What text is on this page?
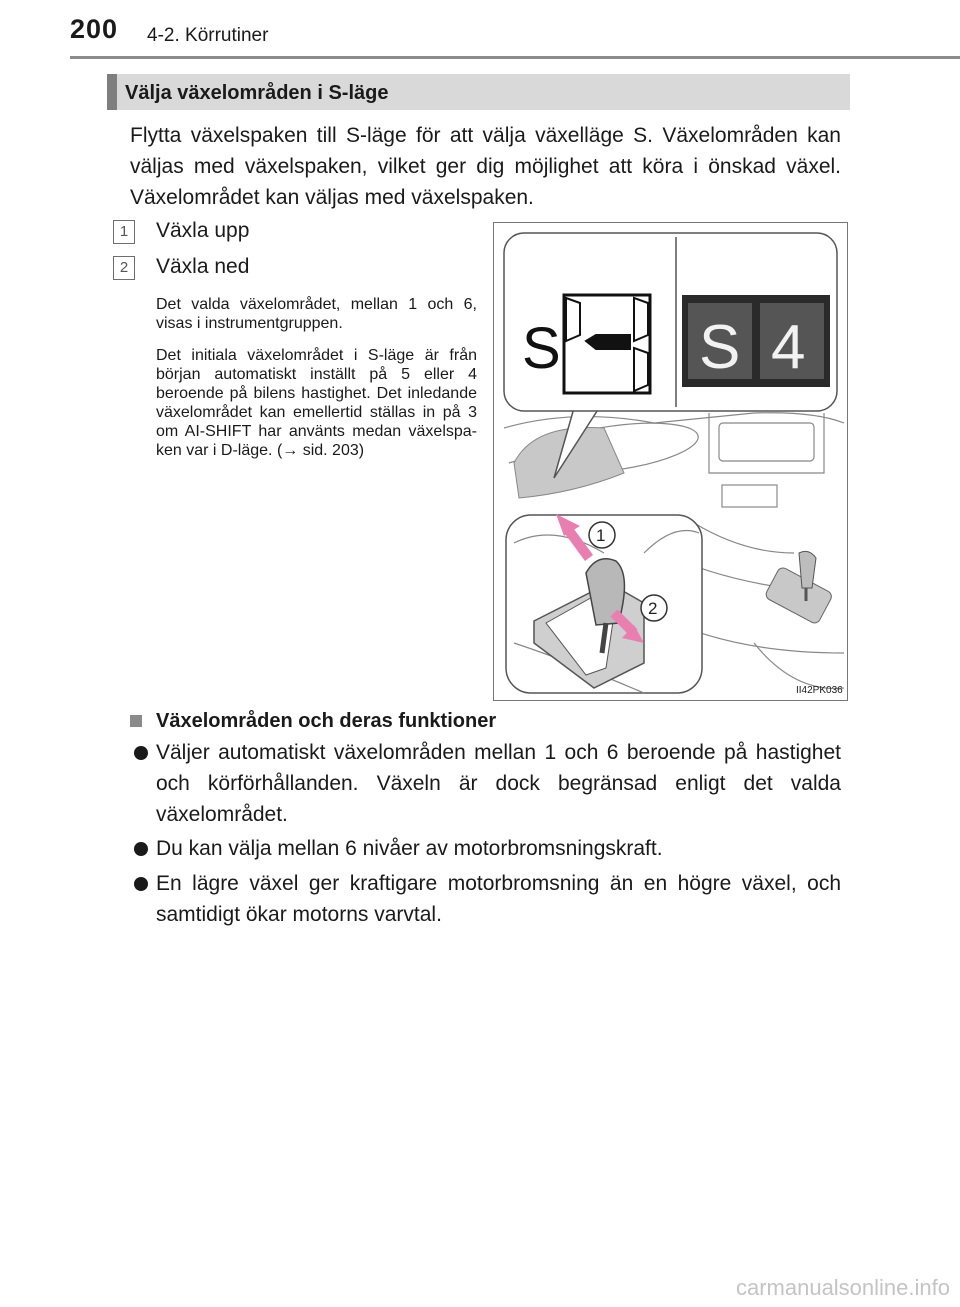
200 4-2. Körrutiner
Välja växelområden i S-läge
Flytta växelspaken till S-läge för att välja växelläge S. Växelområden kan väljas med växelspaken, vilket ger dig möjlighet att köra i önskad växel. Växelområdet kan väljas med växelspaken.
1	Växla upp
2	Växla ned
Det valda växelområdet, mellan 1 och 6, visas i instrumentgruppen.
Det initiala växelområdet i S-läge är från början automatiskt inställt på 5 eller 4 beroende på bilens hastighet. Det inledande växelområdet kan emellertid ställas in på 3 om AI-SHIFT har använts medan växelspa-ken var i D-läge. (→ sid. 203)
1
2
S S 4
II42PK036
Växelområden och deras funktioner
Väljer automatiskt växelområden mellan 1 och 6 beroende på hastighet och körförhållanden. Växeln är dock begränsad enligt det valda växelområdet.
Du kan välja mellan 6 nivåer av motorbromsningskraft.
En lägre växel ger kraftigare motorbromsning än en högre växel, och samtidigt ökar motorns varvtal.
carmanualsonline.info
